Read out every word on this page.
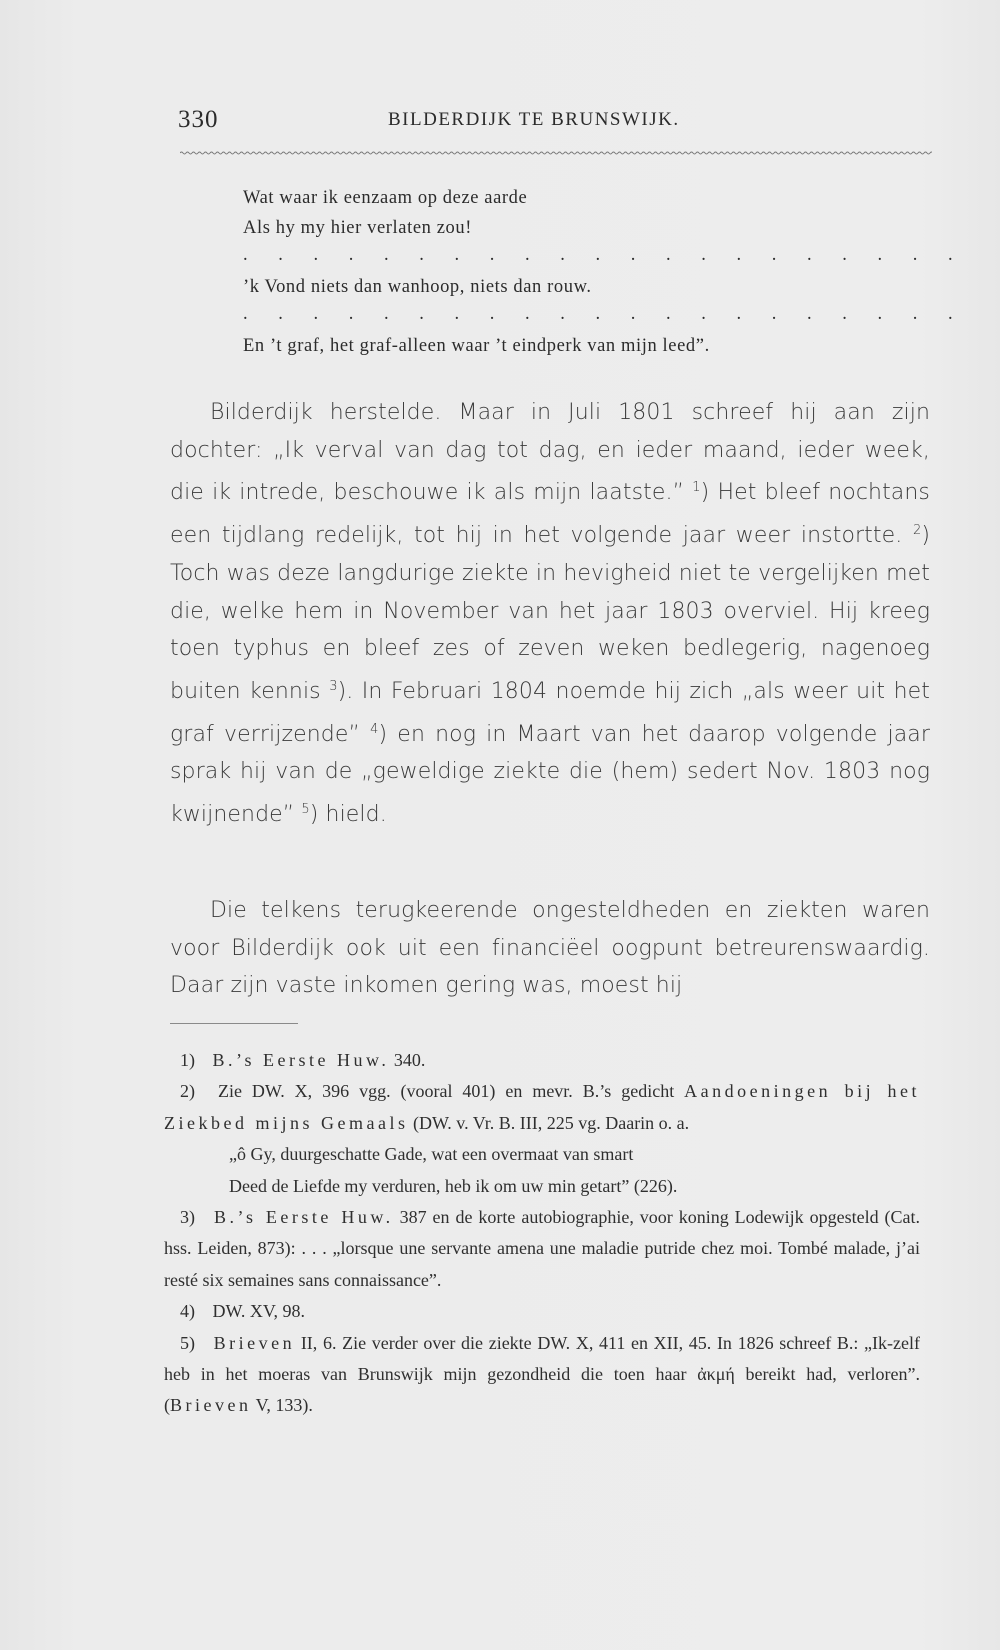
330	BILDERDIJK TE BRUNSWIJK.
Wat waar ik eenzaam op deze aarde
Als hy my hier verlaten zou!
. . . . . . . . . . . . . . . . . . . . .
’k Vond niets dan wanhoop, niets dan rouw.
. . . . . . . . . . . . . . . . . . . . .
En ’t graf, het graf-alleen waar ’t eindperk van mijn leed”.

Bilderdijk herstelde. Maar in Juli 1801 schreef hij aan zijn dochter: „Ik verval van dag tot dag, en ieder maand, ieder week, die ik intrede, beschouwe ik als mijn laatste.” $^1$) Het bleef nochtans een tijdlang redelijk, tot hij in het volgende jaar weer instortte. $^2$) Toch was deze langdurige ziekte in hevigheid niet te vergelijken met die, welke hem in November van het jaar 1803 overviel. Hij kreeg toen typhus en bleef zes of zeven weken bedlegerig, nagenoeg buiten kennis $^3$). In Februari 1804 noemde hij zich „als weer uit het graf verrijzende” $^4$) en nog in Maart van het daarop volgende jaar sprak hij van de „geweldige ziekte die (hem) sedert Nov. 1803 nog kwijnende” $^5$) hield.

Die telkens terugkeerende ongesteldheden en ziekten waren voor Bilderdijk ook uit een financiëel oogpunt betreurenswaardig. Daar zijn vaste inkomen gering was, moest hij

1) B.’s Eerste Huw. 340.

2) Zie DW. X, 396 vgg. (vooral 401) en mevr. B.’s gedicht Aandoeningen bij het Ziekbed mijns Gemaals (DW. v. Vr. B. III, 225 vg. Daarin o. a.

„ô Gy, duurgeschatte Gade, wat een overmaat van smart

Deed de Liefde my verduren, heb ik om uw min getart” (226).

3) B.’s Eerste Huw. 387 en de korte autobiographie, voor koning Lodewijk opgesteld (Cat. hss. Leiden, 873): . . . „lorsque une servante amena une maladie putride chez moi. Tombé malade, j’ai resté six semaines sans connaissance”.

4) DW. XV, 98.

5) Brieven II, 6. Zie verder over die ziekte DW. X, 411 en XII, 45. In 1826 schreef B.: „Ik-zelf heb in het moeras van Brunswijk mijn gezondheid die toen haar ἀκμή bereikt had, verloren”. (Brieven V, 133).
